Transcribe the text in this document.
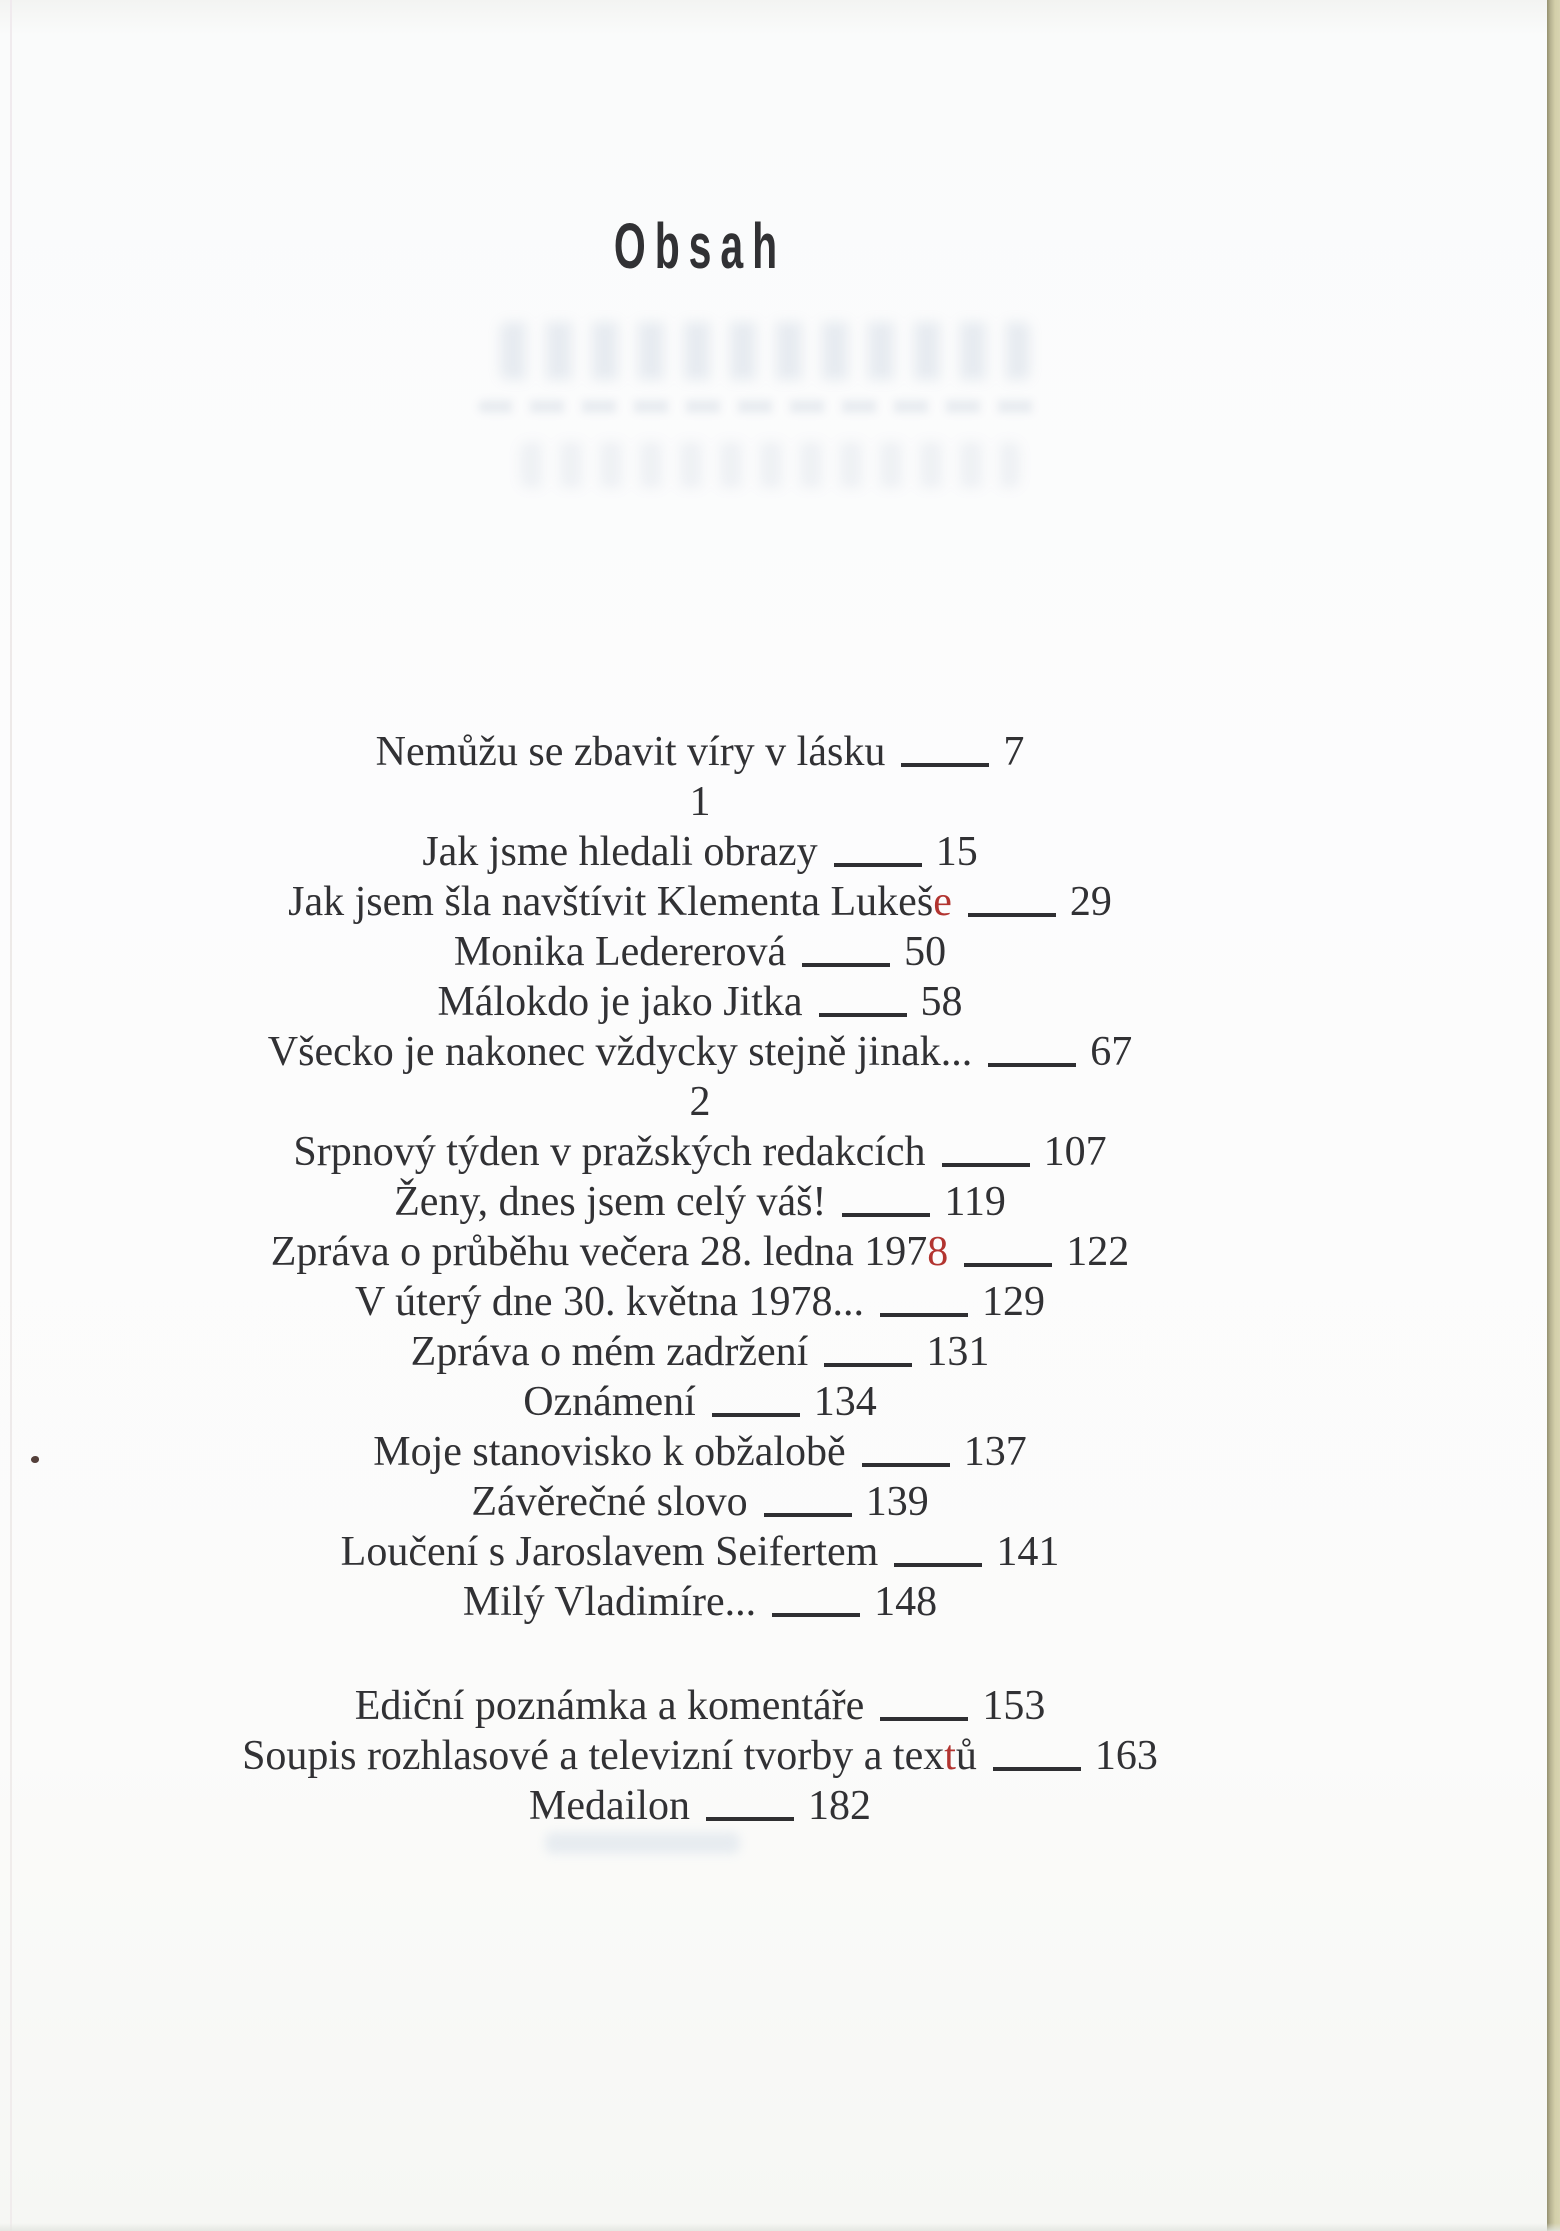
Obsah
Nemůžu se zbavit víry v lásku	7
1
Jak jsme hledali obrazy	15
Jak jsem šla navštívit Klementa Lukeše	29
Monika Ledererová	50
Málokdo je jako Jitka	58
Všecko je nakonec vždycky stejně jinak...	67
2
Srpnový týden v pražských redakcích	107
Ženy, dnes jsem celý váš!	119
Zpráva o průběhu večera 28. ledna 1978	122
V úterý dne 30. května 1978...	129
Zpráva o mém zadržení	131
Oznámení	134
Moje stanovisko k obžalobě	137
Závěrečné slovo	139
Loučení s Jaroslavem Seifertem	141
Milý Vladimíre...	148
Ediční poznámka a komentáře	153
Soupis rozhlasové a televizní tvorby a textů	163
Medailon	182
